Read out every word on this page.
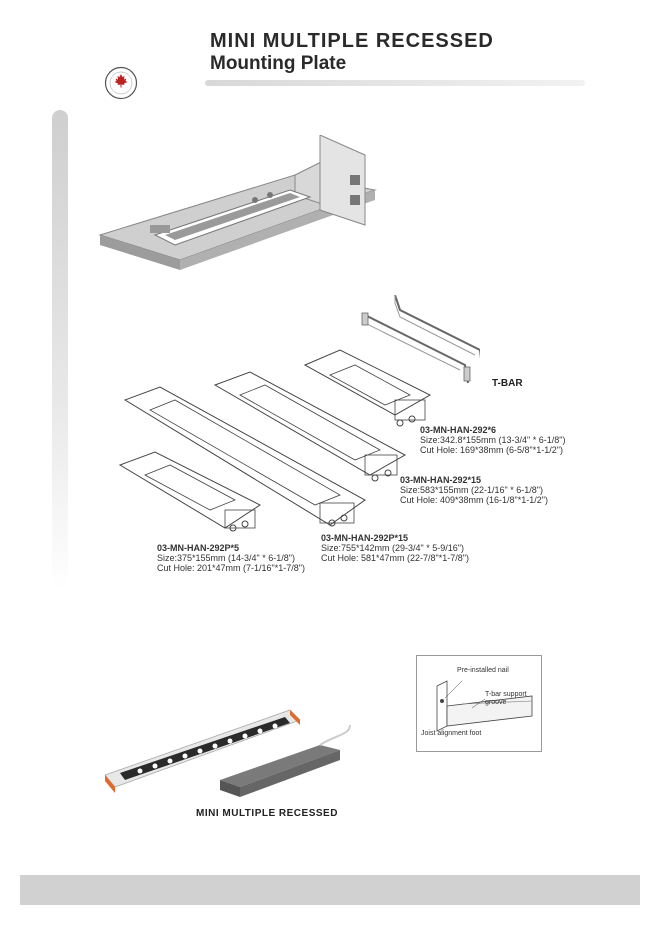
MINI MULTIPLE RECESSED
Mounting Plate
T-BAR
03-MN-HAN-292*6
Size:342.8*155mm (13-3/4" * 6-1/8")
Cut Hole: 169*38mm (6-5/8"*1-1/2")
03-MN-HAN-292*15
Size:583*155mm (22-1/16" * 6-1/8")
Cut Hole: 409*38mm (16-1/8"*1-1/2")
03-MN-HAN-292P*5
Size:375*155mm (14-3/4" * 6-1/8")
Cut Hole: 201*47mm (7-1/16"*1-7/8")
03-MN-HAN-292P*15
Size:755*142mm (29-3/4" * 5-9/16")
Cut Hole: 581*47mm (22-7/8"*1-7/8")
Pre-installed nail
T-bar support groove
Joist alignment foot
MINI MULTIPLE RECESSED
